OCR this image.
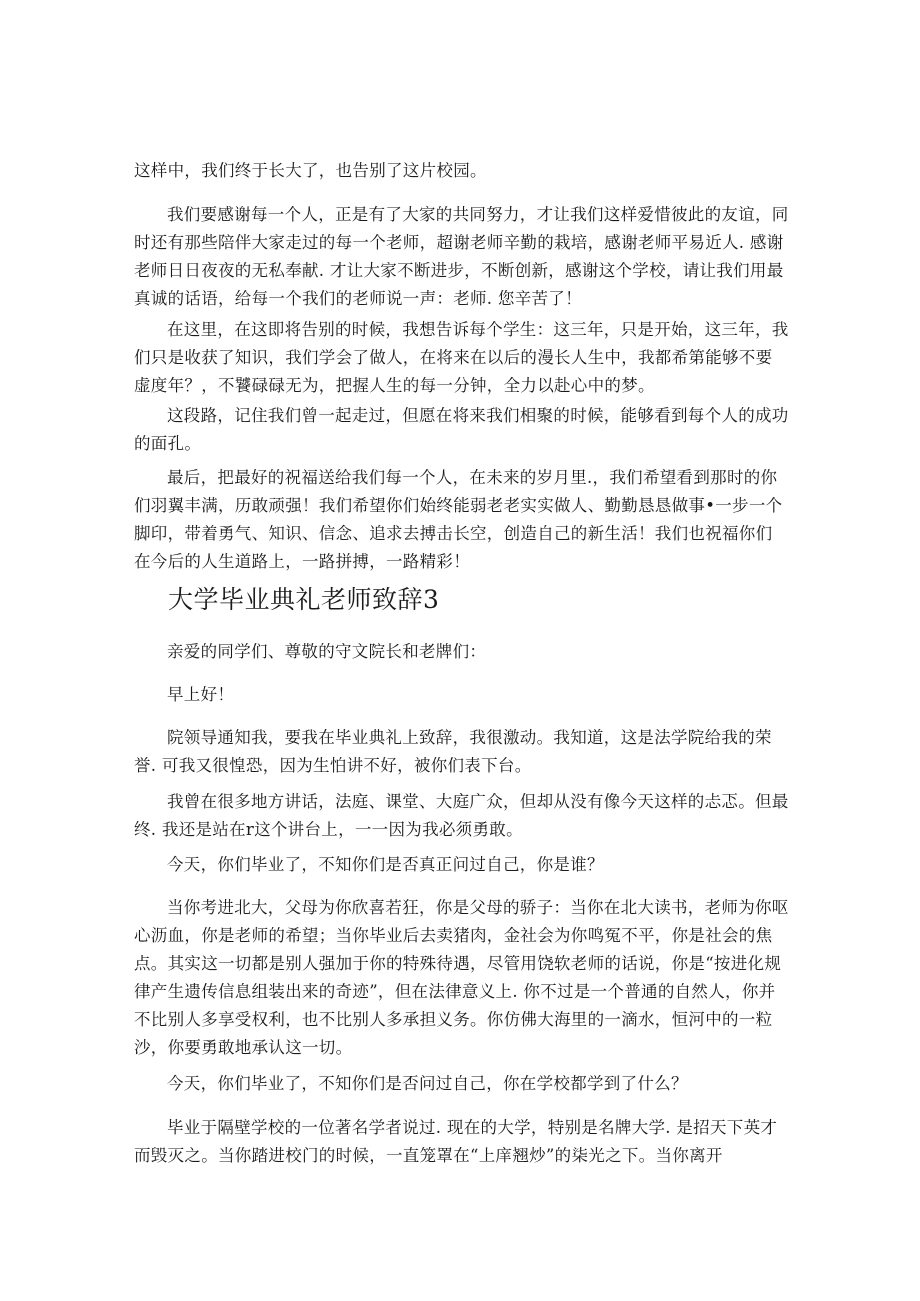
这样中，我们终于长大了，也告别了这片校园。

我们要感谢每一个人，正是有了大家的共同努力，才让我们这样爱惜彼此的友谊，同时还有那些陪伴大家走过的每一个老师，超谢老师辛勤的栽培，感谢老师平易近人. 感谢老师日日夜夜的无私奉献. 才让大家不断进步，不断创新，感谢这个学校，请让我们用最真诚的话语，给每一个我们的老师说一声：老师. 您辛苦了！

在这里，在这即将告别的时候，我想告诉每个学生：这三年，只是开始，这三年，我们只是收获了知识，我们学会了做人，在将来在以后的漫长人生中，我都希第能够不要虚度年？，不饕碌碌无为，把握人生的每一分钟，全力以赴心中的梦。

这段路，记住我们曾一起走过，但愿在将来我们相聚的时候，能够看到每个人的成功的面孔。

最后，把最好的祝福送给我们每一个人，在未来的岁月里.，我们希望看到那时的你们羽翼丰满，历敢顽强！我们希望你们始终能弱老老实实做人、勤勤恳恳做事•一步一个脚印，带着勇气、知识、信念、追求去搏击长空，创造自己的新生活！我们也祝福你们在今后的人生道路上，一路拼搏，一路精彩！

大学毕业典礼老师致辞3

亲爱的同学们、尊敬的守文院长和老牌们：

早上好！

院领导通知我，要我在毕业典礼上致辞，我很激动。我知道，这是法学院给我的荣誉. 可我又很惶恐，因为生怕讲不好，被你们表下台。

我曾在很多地方讲话，法庭、课堂、大庭广众，但却从没有像今天这样的忐忑。但最终. 我还是站在r这个讲台上，一一因为我必须勇敢。

今天，你们毕业了，不知你们是否真正问过自己，你是谁？

当你考进北大，父母为你欣喜若狂，你是父母的骄子：当你在北大读书，老师为你呕心沥血，你是老师的希望；当你毕业后去卖猪肉，金社会为你鸣冤不平，你是社会的焦点。其实这一切都是别人强加于你的特殊待遇，尽管用饶软老师的话说，你是“按进化规律产生遗传信息组装出来的奇迹”，但在法律意义上. 你不过是一个普通的自然人，你并不比别人多享受权利，也不比别人多承担义务。你仿佛大海里的一滴水，恒河中的一粒沙，你要勇敢地承认这一切。

今天，你们毕业了，不知你们是否问过自己，你在学校都学到了什么？

毕业于隔壁学校的一位著名学者说过. 现在的大学，特别是名牌大学. 是招天下英才而毁灭之。当你踏进校门的时候，一直笼罩在“上庠翘炒”的柒光之下。当你离开
